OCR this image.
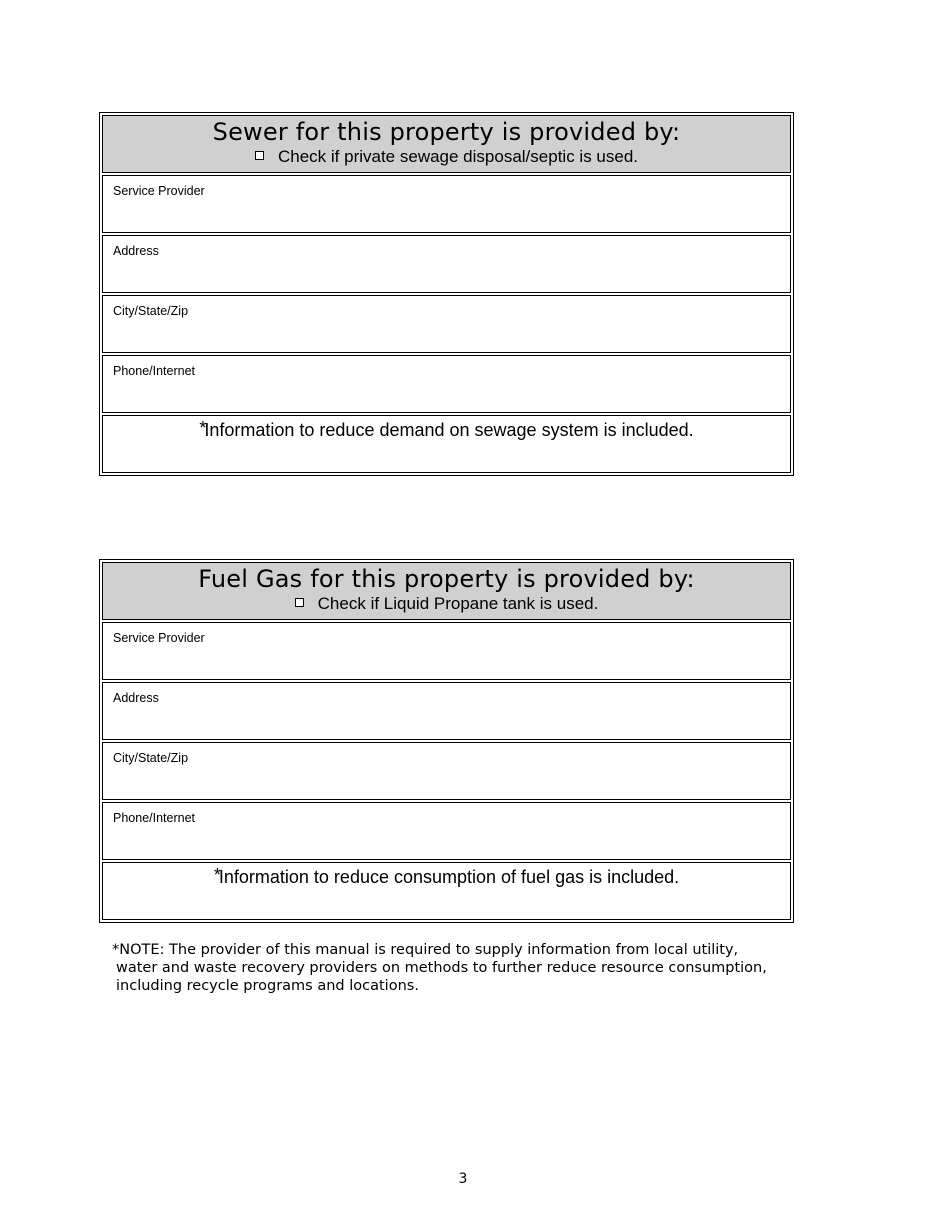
Sewer for this property is provided by:
Check if private sewage disposal/septic is used.
Service Provider
Address
City/State/Zip
Phone/Internet
*Information to reduce demand on sewage system is included.
Fuel Gas for this property is provided by:
Check if Liquid Propane tank is used.
Service Provider
Address
City/State/Zip
Phone/Internet
*Information to reduce consumption of fuel gas is included.
*NOTE: The provider of this manual is required to supply information from local utility,
water and waste recovery providers on methods to further reduce resource consumption,
including recycle programs and locations.
3
